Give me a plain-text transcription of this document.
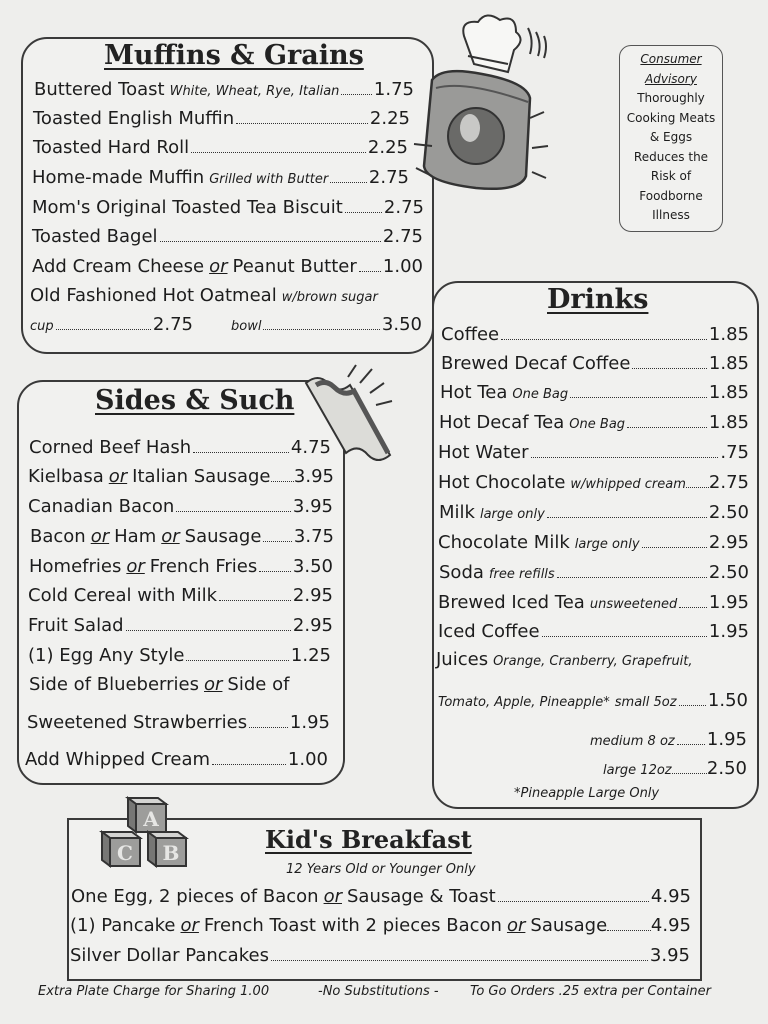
Muffins & Grains
Buttered Toast White, Wheat, Rye, Italian 1.75
Toasted English Muffin	2.25
Toasted Hard Roll	2.25
Home-made Muffin Grilled with Butter 2.75
Mom's Original Toasted Tea Biscuit 2.75
Toasted Bagel	2.75
Add Cream Cheese or Peanut Butter 1.00
Old Fashioned Hot Oatmeal w/brown sugar
cup	2.75	bowl	3.50
Consumer
Advisory
Thoroughly
Cooking Meats
& Eggs
Reduces the
Risk of
Foodborne
Illness
Sides & Such
Corned Beef Hash	4.75
Kielbasa or Italian Sausage 3.95
Canadian Bacon	3.95
Bacon or Ham or Sausage 3.75
Homefries or French Fries 3.50
Cold Cereal with Milk	2.95
Fruit Salad	2.95
(1) Egg Any Style	1.25
Side of Blueberries or Side of
Sweetened Strawberries 1.95
Add Whipped Cream	1.00
Drinks
Coffee	1.85
Brewed Decaf Coffee	1.85
Hot Tea One Bag	1.85
Hot Decaf Tea One Bag	1.85
Hot Water	.75
Hot Chocolate w/whipped cream 2.75
Milk large only	2.50
Chocolate Milk large only	2.95
Soda free refills	2.50
Brewed Iced Tea unsweetened 1.95
Iced Coffee	1.95
Juices Orange, Cranberry, Grapefruit,
Tomato, Apple, Pineapple* small 5oz 1.50
medium 8 oz 1.95
large 12oz 2.50
*Pineapple Large Only
A
C B	Kid's Breakfast
12 Years Old or Younger Only
One Egg, 2 pieces of Bacon or Sausage & Toast	4.95
(1) Pancake or French Toast with 2 pieces Bacon or Sausage 4.95
Silver Dollar Pancakes	3.95
Extra Plate Charge for Sharing 1.00	-No Substitutions - To Go Orders .25 extra per Container
